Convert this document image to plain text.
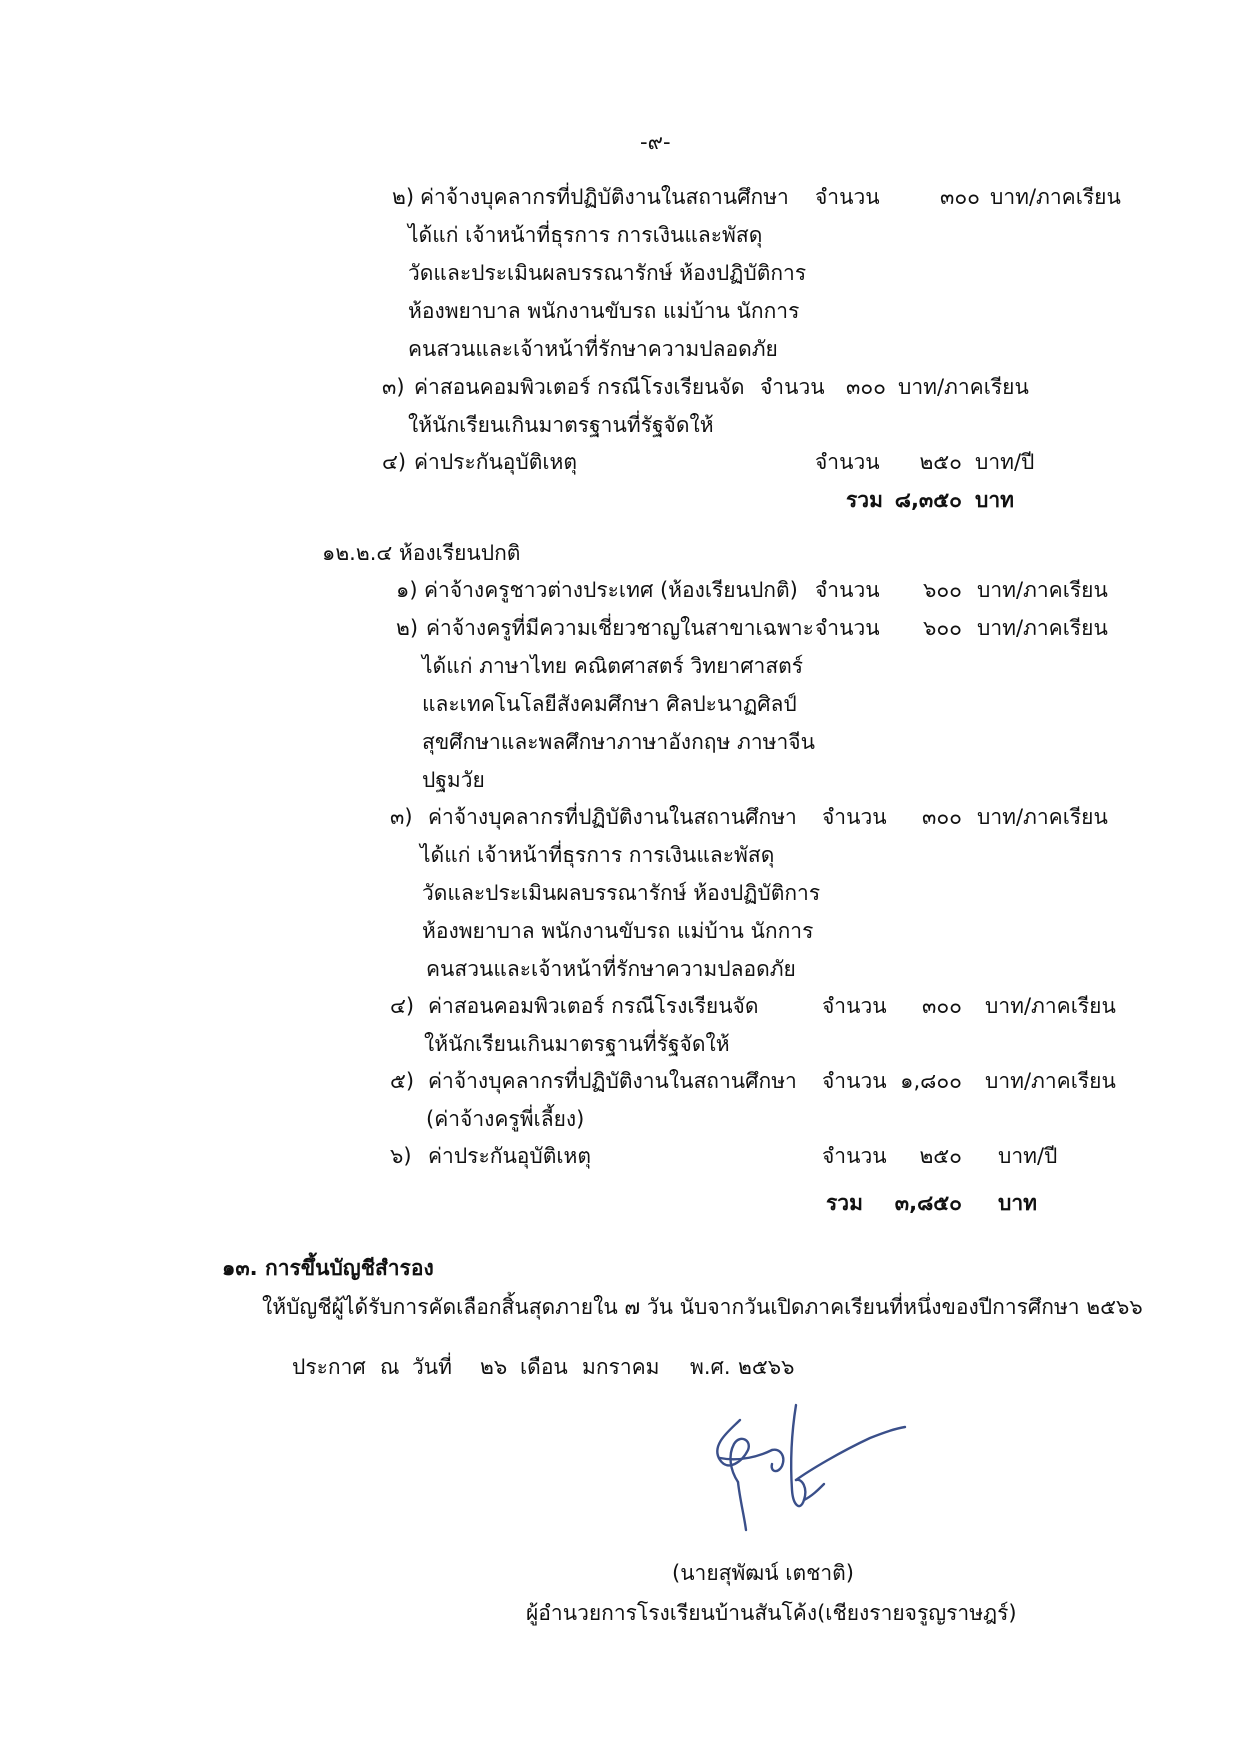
-๙-
๒) ค่าจ้างบุคลากรที่ปฏิบัติงานในสถานศึกษา
ได้แก่ เจ้าหน้าที่ธุรการ การเงินและพัสดุ
วัดและประเมินผลบรรณารักษ์ ห้องปฏิบัติการ
ห้องพยาบาล พนักงานขับรถ แม่บ้าน นักการ
คนสวนและเจ้าหน้าที่รักษาความปลอดภัย
จำนวน	๓๐๐ บาท/ภาคเรียน
๓) ค่าสอนคอมพิวเตอร์ กรณีโรงเรียนจัด
ให้นักเรียนเกินมาตรฐานที่รัฐจัดให้
จำนวน	๓๐๐ บาท/ภาคเรียน
๔) ค่าประกันอุบัติเหตุ	จำนวน	๒๕๐ บาท/ปี
รวม ๘,๓๕๐ บาท
๑๒.๒.๔ ห้องเรียนปกติ
๑) ค่าจ้างครูชาวต่างประเทศ (ห้องเรียนปกติ) จำนวน	๖๐๐ บาท/ภาคเรียน
๒) ค่าจ้างครูที่มีความเชี่ยวชาญในสาขาเฉพาะ
ได้แก่ ภาษาไทย คณิตศาสตร์ วิทยาศาสตร์
และเทคโนโลยีสังคมศึกษา ศิลปะนาฏศิลป์
สุขศึกษาและพลศึกษาภาษาอังกฤษ ภาษาจีน
ปฐมวัย
จำนวน	๖๐๐ บาท/ภาคเรียน
๓) ค่าจ้างบุคลากรที่ปฏิบัติงานในสถานศึกษา
ได้แก่ เจ้าหน้าที่ธุรการ การเงินและพัสดุ
วัดและประเมินผลบรรณารักษ์ ห้องปฏิบัติการ
ห้องพยาบาล พนักงานขับรถ แม่บ้าน นักการ
คนสวนและเจ้าหน้าที่รักษาความปลอดภัย
จำนวน	๓๐๐ บาท/ภาคเรียน
๔) ค่าสอนคอมพิวเตอร์ กรณีโรงเรียนจัด
ให้นักเรียนเกินมาตรฐานที่รัฐจัดให้
จำนวน	๓๐๐ บาท/ภาคเรียน
๕) ค่าจ้างบุคลากรที่ปฏิบัติงานในสถานศึกษา
(ค่าจ้างครูพี่เลี้ยง)
จำนวน ๑,๘๐๐ บาท/ภาคเรียน
๖) ค่าประกันอุบัติเหตุ	จำนวน	๒๕๐ บาท/ปี
รวม	๓,๘๕๐ บาท
๑๓. การขึ้นบัญชีสำรอง
ให้บัญชีผู้ได้รับการคัดเลือกสิ้นสุดภายใน ๗ วัน นับจากวันเปิดภาคเรียนที่หนึ่งของปีการศึกษา ๒๕๖๖
ประกาศ ณ วันที่ ๒๖ เดือน มกราคม พ.ศ. ๒๕๖๖
(นายสุพัฒน์ เตชาติ)
ผู้อำนวยการโรงเรียนบ้านสันโค้ง(เชียงรายจรูญราษฎร์)
